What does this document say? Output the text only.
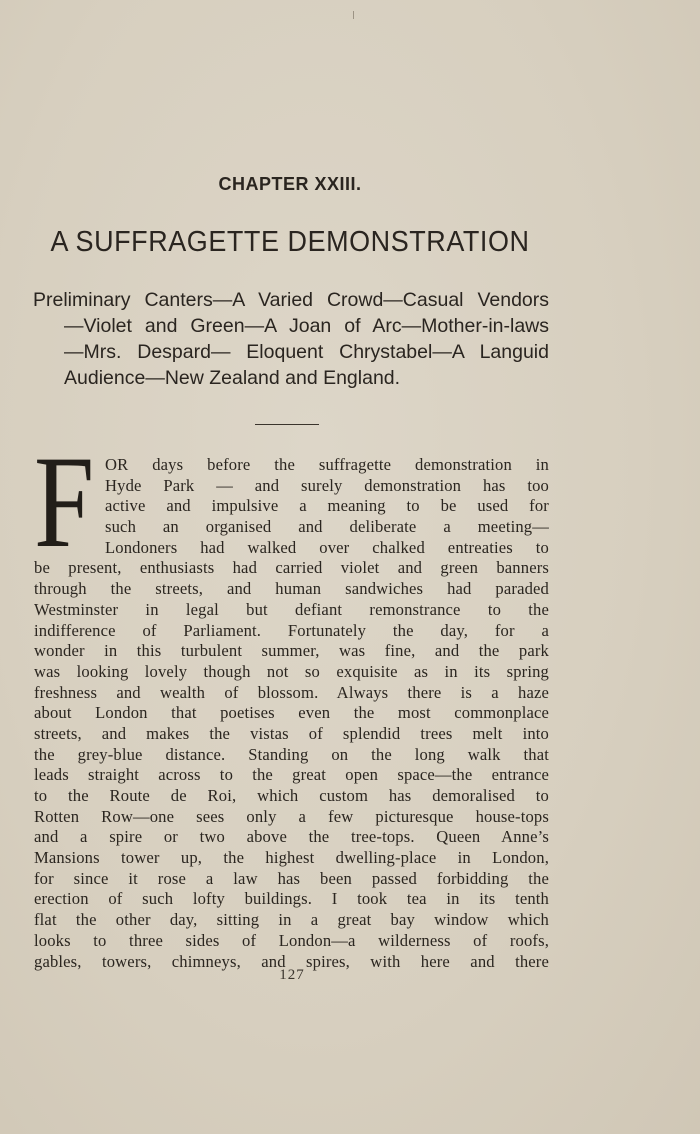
CHAPTER XXIII.
A SUFFRAGETTE DEMONSTRATION
Preliminary Canters—A Varied Crowd—Casual Vendors
—Violet and Green—A Joan of Arc—Mother-in-laws
—Mrs. Despard— Eloquent Chrystabel—A Languid
Audience—New Zealand and England.
F OR days before the suffragette demonstration in
Hyde Park — and surely demonstration has too
active and impulsive a meaning to be used for
such an organised and deliberate a meeting—
Londoners had walked over chalked entreaties to
be present, enthusiasts had carried violet and green banners
through the streets, and human sandwiches had paraded
Westminster in legal but defiant remonstrance to the
indifference of Parliament. Fortunately the day, for a
wonder in this turbulent summer, was fine, and the park
was looking lovely though not so exquisite as in its spring
freshness and wealth of blossom. Always there is a haze
about London that poetises even the most commonplace
streets, and makes the vistas of splendid trees melt into
the grey-blue distance. Standing on the long walk that
leads straight across to the great open space—the entrance
to the Route de Roi, which custom has demoralised to
Rotten Row—one sees only a few picturesque house-tops
and a spire or two above the tree-tops. Queen Anne’s
Mansions tower up, the highest dwelling-place in London,
for since it rose a law has been passed forbidding the
erection of such lofty buildings. I took tea in its tenth
flat the other day, sitting in a great bay window which
looks to three sides of London—a wilderness of roofs,
gables, towers, chimneys, and spires, with here and there
127
